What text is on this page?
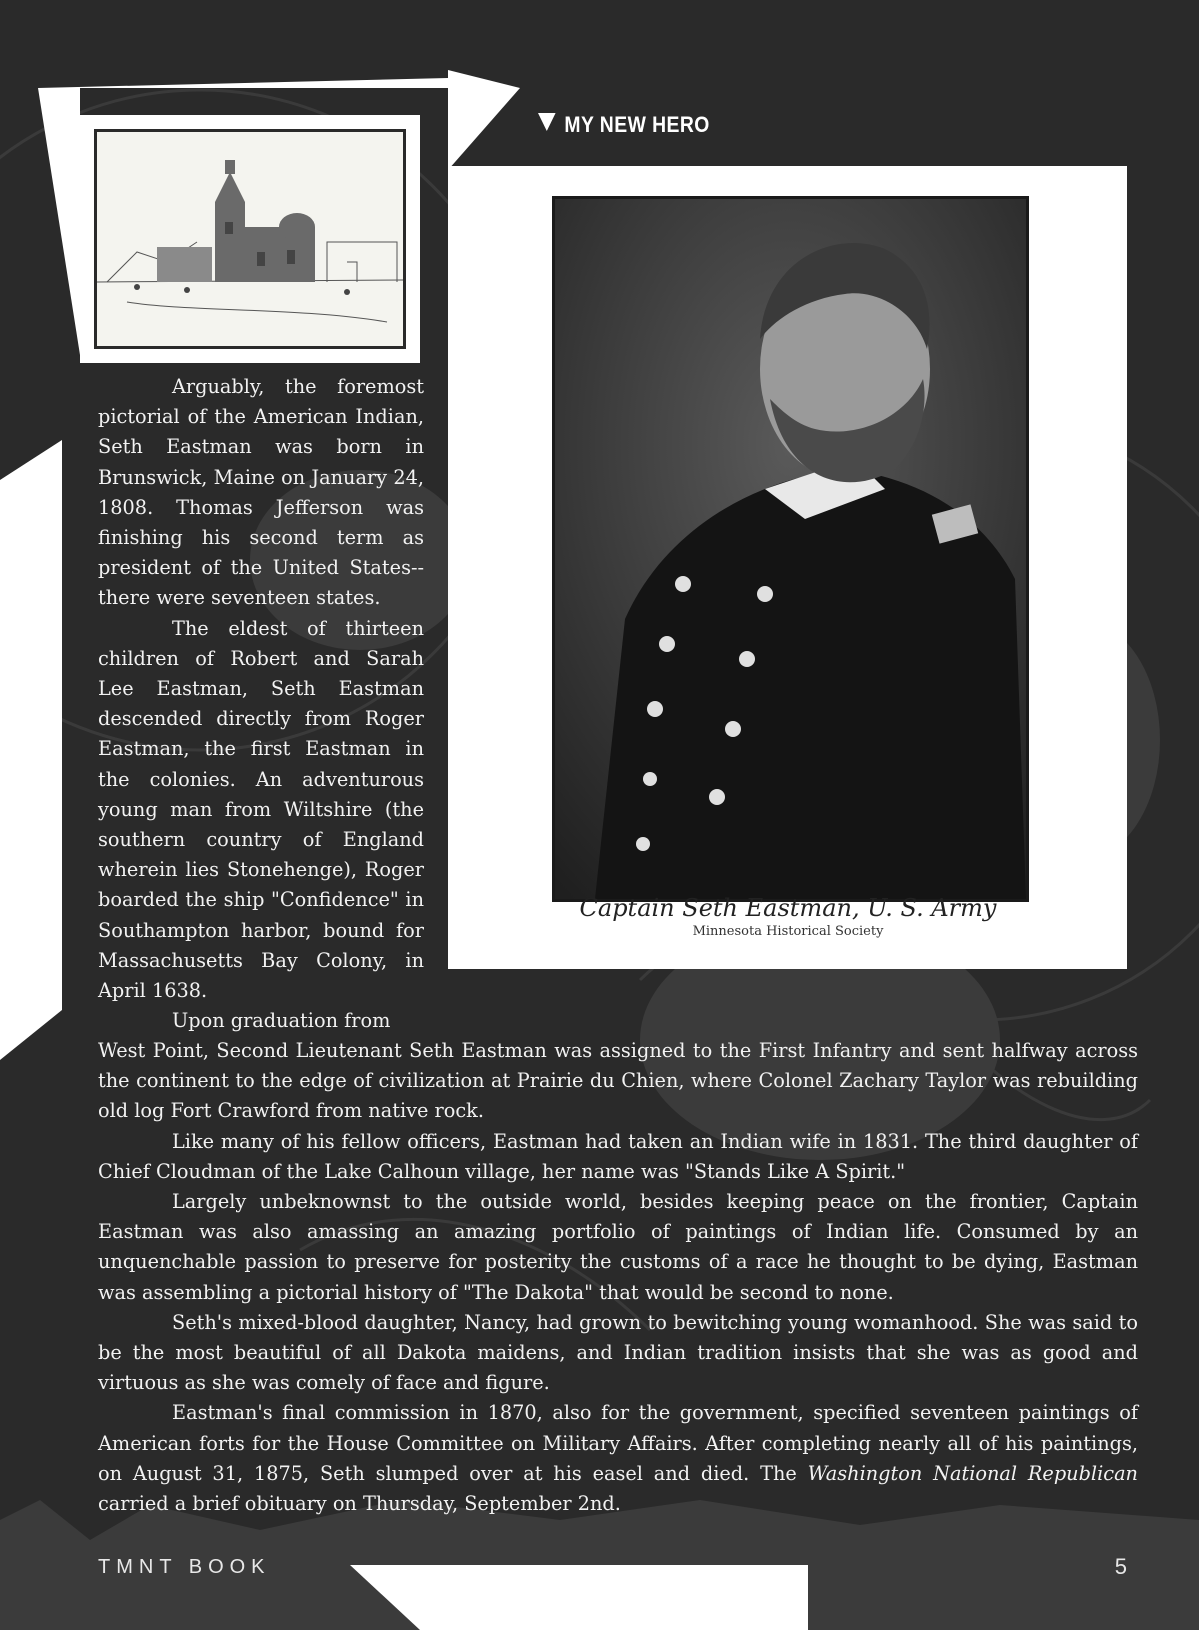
MY NEW HERO
Captain Seth Eastman, U. S. Army
Minnesota Historical Society

Arguably, the foremost pictorial of the American Indian, Seth Eastman was born in Brunswick, Maine on January 24, 1808. Thomas Jefferson was finishing his second term as president of the United States--there were seventeen states.

The eldest of thirteen children of Robert and Sarah Lee Eastman, Seth Eastman descended directly from Roger Eastman, the first Eastman in the colonies. An adventurous young man from Wiltshire (the southern country of England wherein lies Stonehenge), Roger boarded the ship "Confidence" in Southampton harbor, bound for Massachusetts Bay Colony, in April 1638.

Upon graduation from

West Point, Second Lieutenant Seth Eastman was assigned to the First Infantry and sent halfway across the continent to the edge of civilization at Prairie du Chien, where Colonel Zachary Taylor was rebuilding old log Fort Crawford from native rock.

Like many of his fellow officers, Eastman had taken an Indian wife in 1831. The third daughter of Chief Cloudman of the Lake Calhoun village, her name was "Stands Like A Spirit."

Largely unbeknownst to the outside world, besides keeping peace on the frontier, Captain Eastman was also amassing an amazing portfolio of paintings of Indian life. Consumed by an unquenchable passion to preserve for posterity the customs of a race he thought to be dying, Eastman was assembling a pictorial history of "The Dakota" that would be second to none.

Seth's mixed-blood daughter, Nancy, had grown to bewitching young womanhood. She was said to be the most beautiful of all Dakota maidens, and Indian tradition insists that she was as good and virtuous as she was comely of face and figure.

Eastman's final commission in 1870, also for the government, specified seventeen paintings of American forts for the House Committee on Military Affairs. After completing nearly all of his paintings, on August 31, 1875, Seth slumped over at his easel and died. The Washington National Republican carried a brief obituary on Thursday, September 2nd.

TMNT BOOK	5
